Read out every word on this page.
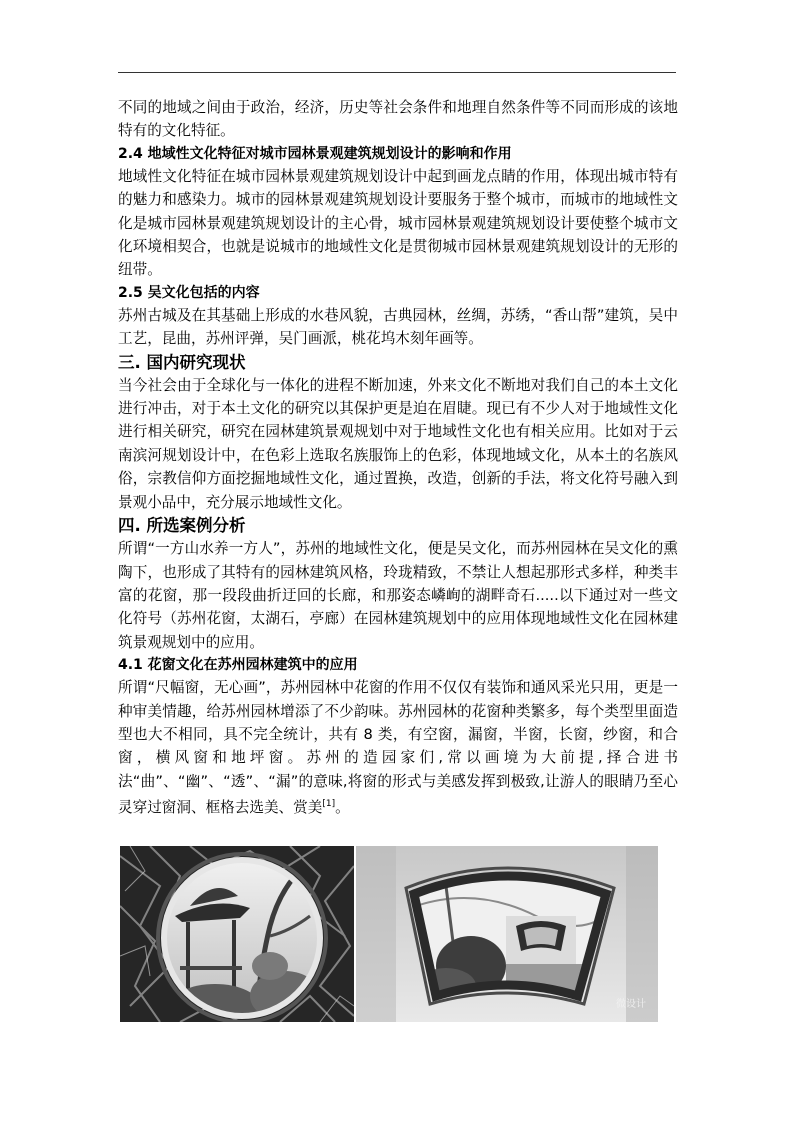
不同的地域之间由于政治，经济，历史等社会条件和地理自然条件等不同而形成的该地特有的文化特征。

2.4 地域性文化特征对城市园林景观建筑规划设计的影响和作用

地域性文化特征在城市园林景观建筑规划设计中起到画龙点睛的作用，体现出城市特有的魅力和感染力。城市的园林景观建筑规划设计要服务于整个城市，而城市的地域性文化是城市园林景观建筑规划设计的主心骨，城市园林景观建筑规划设计要使整个城市文化环境相契合，也就是说城市的地域性文化是贯彻城市园林景观建筑规划设计的无形的纽带。

2.5 吴文化包括的内容

苏州古城及在其基础上形成的水巷风貌，古典园林，丝绸，苏绣，“香山帮”建筑，吴中工艺，昆曲，苏州评弹，吴门画派，桃花坞木刻年画等。

三. 国内研究现状

当今社会由于全球化与一体化的进程不断加速，外来文化不断地对我们自己的本土文化进行冲击，对于本土文化的研究以其保护更是迫在眉睫。现已有不少人对于地域性文化进行相关研究，研究在园林建筑景观规划中对于地域性文化也有相关应用。比如对于云南滨河规划设计中，在色彩上选取名族服饰上的色彩，体现地域文化，从本土的名族风俗，宗教信仰方面挖掘地域性文化，通过置换，改造，创新的手法，将文化符号融入到景观小品中，充分展示地域性文化。

四. 所选案例分析

所谓“一方山水养一方人”，苏州的地域性文化，便是吴文化，而苏州园林在吴文化的熏陶下，也形成了其特有的园林建筑风格，玲珑精致，不禁让人想起那形式多样，种类丰富的花窗，那一段段曲折迂回的长廊，和那姿态嶙峋的湖畔奇石.....以下通过对一些文化符号（苏州花窗，太湖石，亭廊）在园林建筑规划中的应用体现地域性文化在园林建筑景观规划中的应用。

4.1 花窗文化在苏州园林建筑中的应用

所谓“尺幅窗，无心画”，苏州园林中花窗的作用不仅仅有装饰和通风采光只用，更是一种审美情趣，给苏州园林增添了不少韵味。苏州园林的花窗种类繁多，每个类型里面造型也大不相同，具不完全统计，共有 8 类，有空窗，漏窗，半窗，长窗，纱窗，和合窗，横风窗和地坪窗。苏州的造园家们,常以画境为大前提,择合进书法“曲”、“幽”、“透”、“漏”的意味,将窗的形式与美感发挥到极致,让游人的眼睛乃至心灵穿过窗洞、框格去选美、赏美[1]。

微设计
